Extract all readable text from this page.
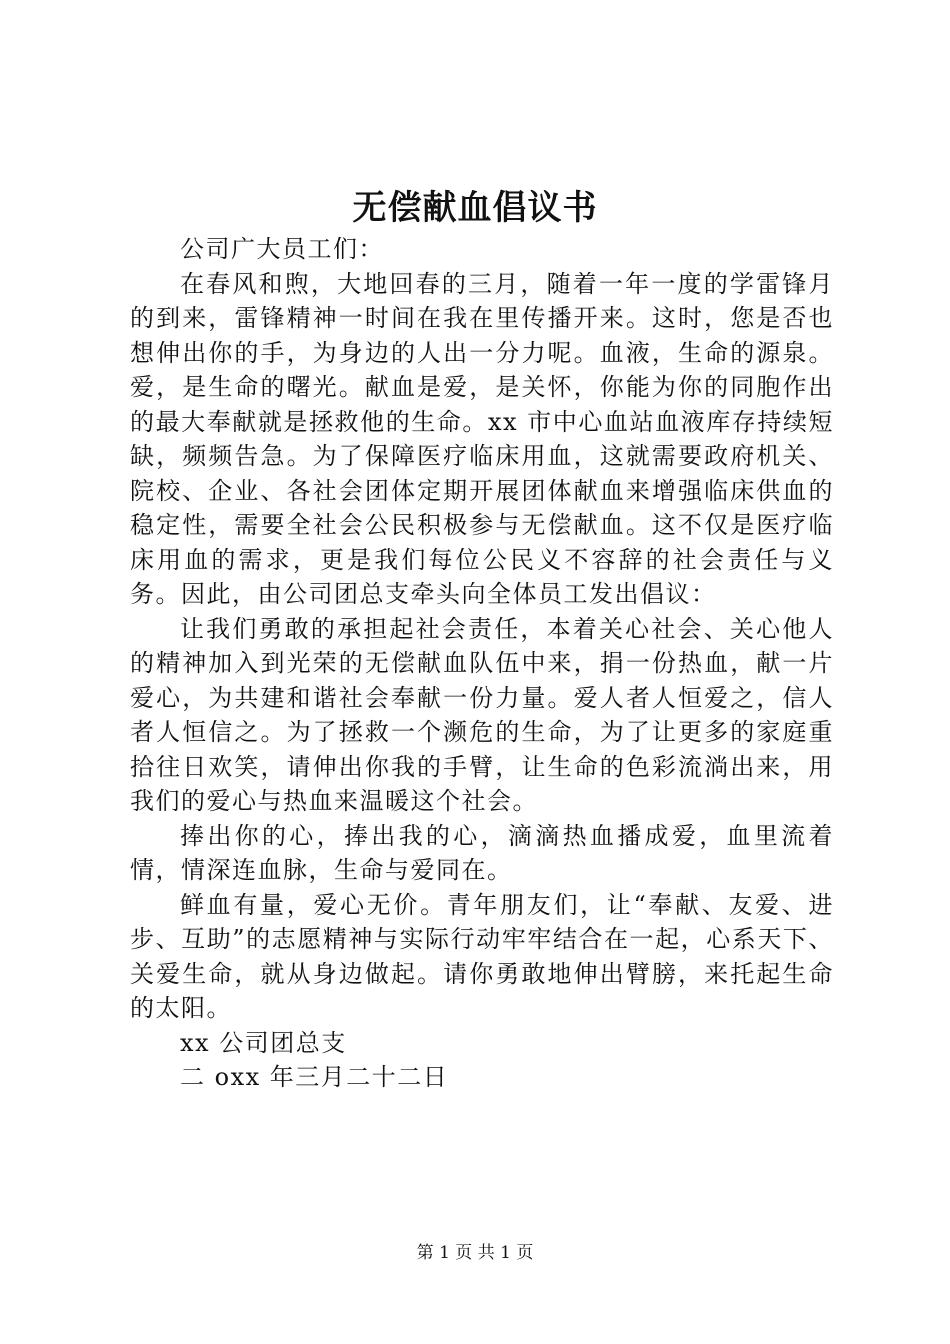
无偿献血倡议书

公司广大员工们：

在春风和煦，大地回春的三月，随着一年一度的学雷锋月的到来，雷锋精神一时间在我在里传播开来。这时，您是否也想伸出你的手，为身边的人出一分力呢。血液，生命的源泉。爱，是生命的曙光。献血是爱，是关怀，你能为你的同胞作出的最大奉献就是拯救他的生命。xx 市中心血站血液库存持续短缺，频频告急。为了保障医疗临床用血，这就需要政府机关、院校、企业、各社会团体定期开展团体献血来增强临床供血的稳定性，需要全社会公民积极参与无偿献血。这不仅是医疗临床用血的需求，更是我们每位公民义不容辞的社会责任与义务。因此，由公司团总支牵头向全体员工发出倡议：

让我们勇敢的承担起社会责任，本着关心社会、关心他人的精神加入到光荣的无偿献血队伍中来，捐一份热血，献一片爱心，为共建和谐社会奉献一份力量。爱人者人恒爱之，信人者人恒信之。为了拯救一个濒危的生命，为了让更多的家庭重拾往日欢笑，请伸出你我的手臂，让生命的色彩流淌出来，用我们的爱心与热血来温暖这个社会。

捧出你的心，捧出我的心，滴滴热血播成爱，血里流着情，情深连血脉，生命与爱同在。

鲜血有量，爱心无价。青年朋友们，让“奉献、友爱、进步、互助”的志愿精神与实际行动牢牢结合在一起，心系天下、关爱生命，就从身边做起。请你勇敢地伸出臂膀，来托起生命的太阳。

xx 公司团总支

二 oxx 年三月二十二日

第 1 页 共 1 页
